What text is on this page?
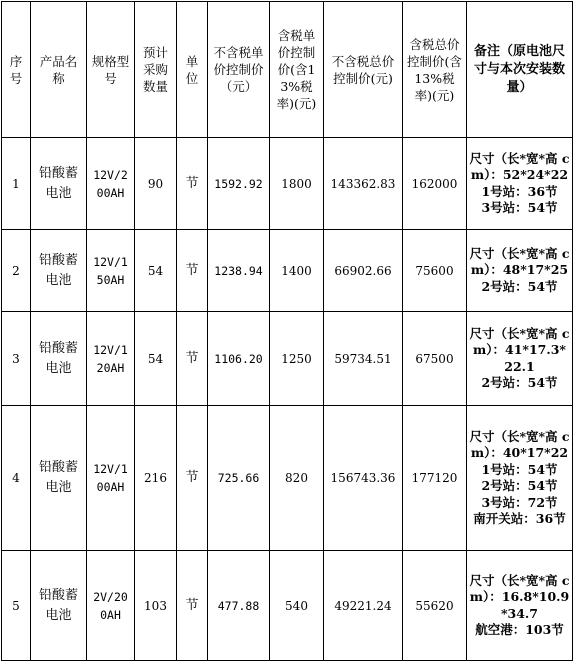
序号	产品名称	规格型号	预计采购数量	单位	不含税单价控制价（元）	含税单价控制价(含13%税率)(元)	不含税总价控制价(元)	含税总价控制价(含13%税率)(元)	备注（原电池尺寸与本次安装数量）
1	铅酸蓄电池	12V/200AH	90	节	1592.92	1800	143362.83	162000	尺寸（长*宽*高 cm）：52*24*22
1号站：36节
3号站：54节

2	铅酸蓄电池	12V/150AH	54	节	1238.94	1400	66902.66	75600	尺寸（长*宽*高 cm）：48*17*25
2号站：54节

3	铅酸蓄电池	12V/120AH	54	节	1106.20	1250	59734.51	67500	尺寸（长*宽*高 cm）：41*17.3*22.1
2号站：54节

4	铅酸蓄电池	12V/100AH	216	节	725.66	820	156743.36	177120	尺寸（长*宽*高 cm）：40*17*22
1号站：54节
2号站：54节
3号站：72节
南开关站：36节

5	铅酸蓄电池	2V/200AH	103	节	477.88	540	49221.24	55620	尺寸（长*宽*高 cm）：16.8*10.9*34.7
航空港：103节
